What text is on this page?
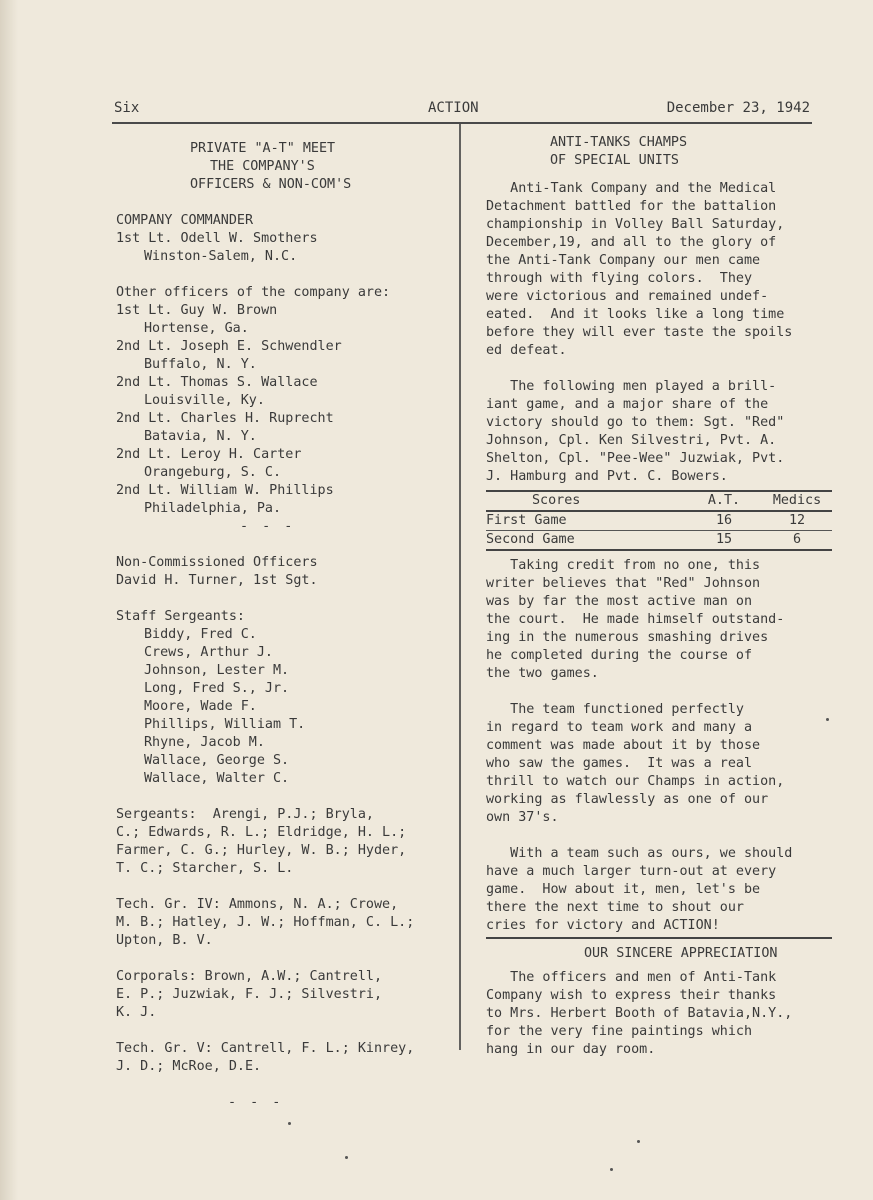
Six	ACTION	December 23, 1942
PRIVATE "A-T" MEET
THE COMPANY'S
OFFICERS & NON-COM'S
COMPANY COMMANDER
1st Lt. Odell W. Smothers
Winston-Salem, N.C.
Other officers of the company are:
1st Lt. Guy W. Brown
Hortense, Ga.
2nd Lt. Joseph E. Schwendler
Buffalo, N. Y.
2nd Lt. Thomas S. Wallace
Louisville, Ky.
2nd Lt. Charles H. Ruprecht
Batavia, N. Y.
2nd Lt. Leroy H. Carter
Orangeburg, S. C.
2nd Lt. William W. Phillips
Philadelphia, Pa.
- - -
Non-Commissioned Officers
David H. Turner, 1st Sgt.
Staff Sergeants:
Biddy, Fred C.
Crews, Arthur J.
Johnson, Lester M.
Long, Fred S., Jr.
Moore, Wade F.
Phillips, William T.
Rhyne, Jacob M.
Wallace, George S.
Wallace, Walter C.
Sergeants:  Arengi, P.J.; Bryla,
C.; Edwards, R. L.; Eldridge, H. L.;
Farmer, C. G.; Hurley, W. B.; Hyder,
T. C.; Starcher, S. L.
Tech. Gr. IV: Ammons, N. A.; Crowe,
M. B.; Hatley, J. W.; Hoffman, C. L.;
Upton, B. V.
Corporals: Brown, A.W.; Cantrell,
E. P.; Juzwiak, F. J.; Silvestri,
K. J.
Tech. Gr. V: Cantrell, F. L.; Kinrey,
J. D.; McRoe, D.E.
- - -
ANTI-TANKS CHAMPS
OF SPECIAL UNITS
Anti-Tank Company and the Medical
Detachment battled for the battalion
championship in Volley Ball Saturday,
December,19, and all to the glory of
the Anti-Tank Company our men came
through with flying colors.  They
were victorious and remained undef-
eated.  And it looks like a long time
before they will ever taste the spoils
ed defeat.
The following men played a brill-
iant game, and a major share of the
victory should go to them: Sgt. "Red"
Johnson, Cpl. Ken Silvestri, Pvt. A.
Shelton, Cpl. "Pee-Wee" Juzwiak, Pvt.
J. Hamburg and Pvt. C. Bowers.
Scores	A.T.	Medics
First Game	16	12
Second Game	15	6
Taking credit from no one, this
writer believes that "Red" Johnson
was by far the most active man on
the court.  He made himself outstand-
ing in the numerous smashing drives
he completed during the course of
the two games.
The team functioned perfectly
in regard to team work and many a
comment was made about it by those
who saw the games.  It was a real
thrill to watch our Champs in action,
working as flawlessly as one of our
own 37's.
With a team such as ours, we should
have a much larger turn-out at every
game.  How about it, men, let's be
there the next time to shout our
cries for victory and ACTION!
OUR SINCERE APPRECIATION
The officers and men of Anti-Tank
Company wish to express their thanks
to Mrs. Herbert Booth of Batavia,N.Y.,
for the very fine paintings which
hang in our day room.
